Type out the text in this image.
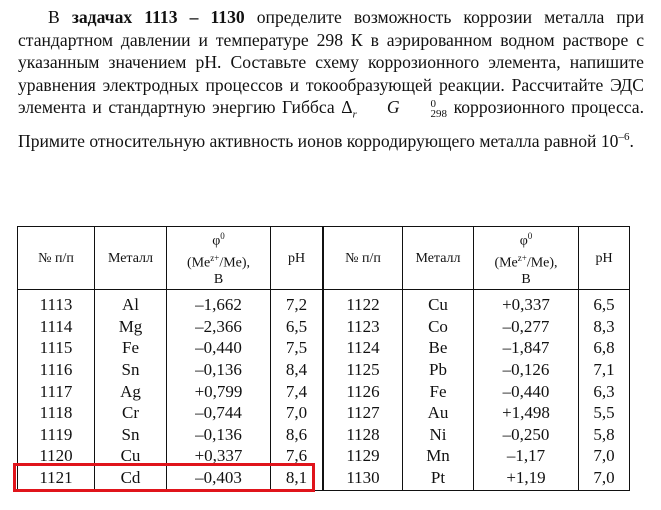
В задачах 1113 – 1130 определите возможность коррозии металла при стандартном давлении и температуре 298 К в аэрированном водном растворе с указанным значением pH. Составьте схему коррозионного элемента, напишите уравнения электродных процессов и токообразующей реакции. Рассчитайте ЭДС элемента и стандартную энергию Гиббса $\Delta_r$ G	0
298 коррозионного процесса. Примите относительную активность ионов корродирующего металла равной $10^{-6}$.
№ п/п	Металл	$\varphi^0$
$(Me^{z+}/Me)$,
В	pH	№ п/п	Металл	$\varphi^0$
$(Me^{z+}/Me)$,
В	pH
1113	Al	–1,662	7,2	1122	Cu	+0,337	6,5
1114	Mg	–2,366	6,5	1123	Co	–0,277	8,3
1115	Fe	–0,440	7,5	1124	Be	–1,847	6,8
1116	Sn	–0,136	8,4	1125	Pb	–0,126	7,1
1117	Ag	+0,799	7,4	1126	Fe	–0,440	6,3
1118	Cr	–0,744	7,0	1127	Au	+1,498	5,5
1119	Sn	–0,136	8,6	1128	Ni	–0,250	5,8
1120	Cu	+0,337	7,6	1129	Mn	–1,17	7,0
1121	Cd	–0,403	8,1	1130	Pt	+1,19	7,0
